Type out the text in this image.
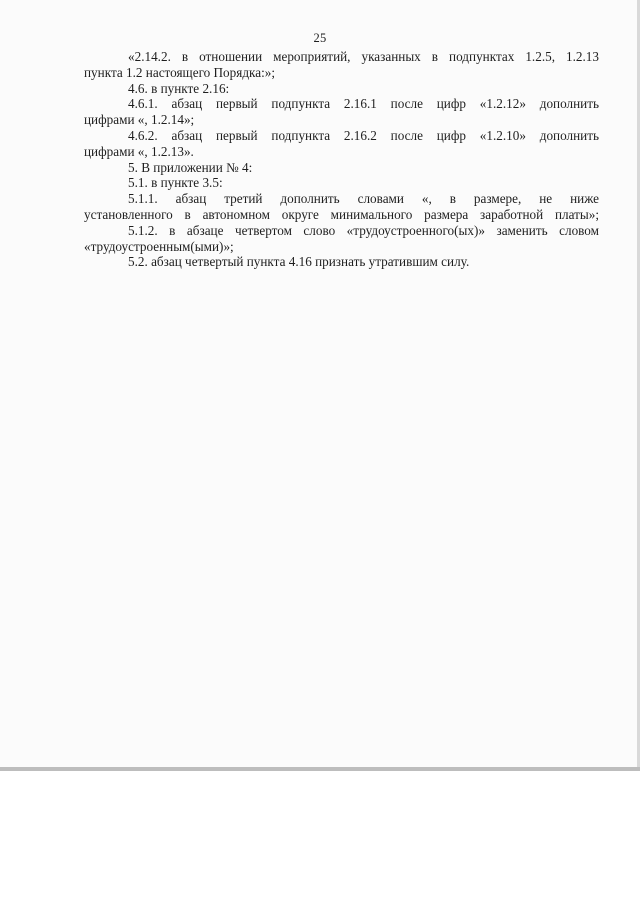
25

«2.14.2. в отношении мероприятий, указанных в подпунктах 1.2.5, 1.2.13
пункта 1.2 настоящего Порядка:»;

4.6. в пункте 2.16:

4.6.1. абзац первый подпункта 2.16.1 после цифр «1.2.12» дополнить
цифрами «, 1.2.14»;

4.6.2. абзац первый подпункта 2.16.2 после цифр «1.2.10» дополнить
цифрами «, 1.2.13».

5. В приложении № 4:

5.1. в пункте 3.5:

5.1.1. абзац третий дополнить словами «, в размере, не ниже
установленного в автономном округе минимального размера заработной платы»;

5.1.2. в абзаце четвертом слово «трудоустроенного(ых)» заменить словом
«трудоустроенным(ыми)»;

5.2. абзац четвертый пункта 4.16 признать утратившим силу.
